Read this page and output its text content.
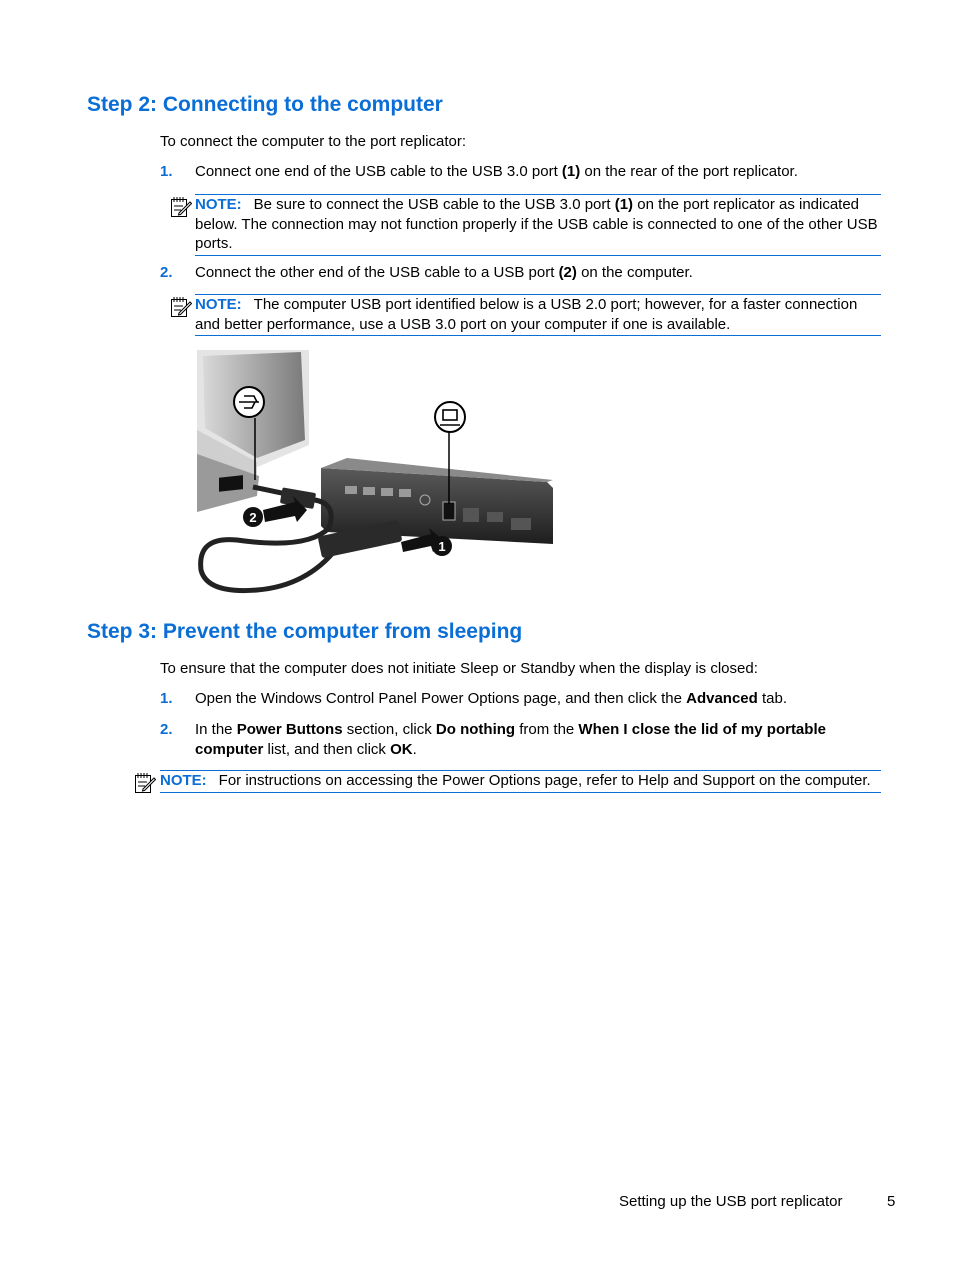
Step 2: Connecting to the computer

To connect the computer to the port replicator:

1. Connect one end of the USB cable to the USB 3.0 port (1) on the rear of the port replicator.
NOTE: Be sure to connect the USB cable to the USB 3.0 port (1) on the port replicator as indicated below. The connection may not function properly if the USB cable is connected to one of the other USB ports.
2. Connect the other end of the USB cable to a USB port (2) on the computer.
NOTE: The computer USB port identified below is a USB 2.0 port; however, for a faster connection and better performance, use a USB 3.0 port on your computer if one is available.
2
1
Step 3: Prevent the computer from sleeping

To ensure that the computer does not initiate Sleep or Standby when the display is closed:

1. Open the Windows Control Panel Power Options page, and then click the Advanced tab.
2. In the Power Buttons section, click Do nothing from the When I close the lid of my portable computer list, and then click OK.
NOTE: For instructions on accessing the Power Options page, refer to Help and Support on the computer.
Setting up the USB port replicator	5
